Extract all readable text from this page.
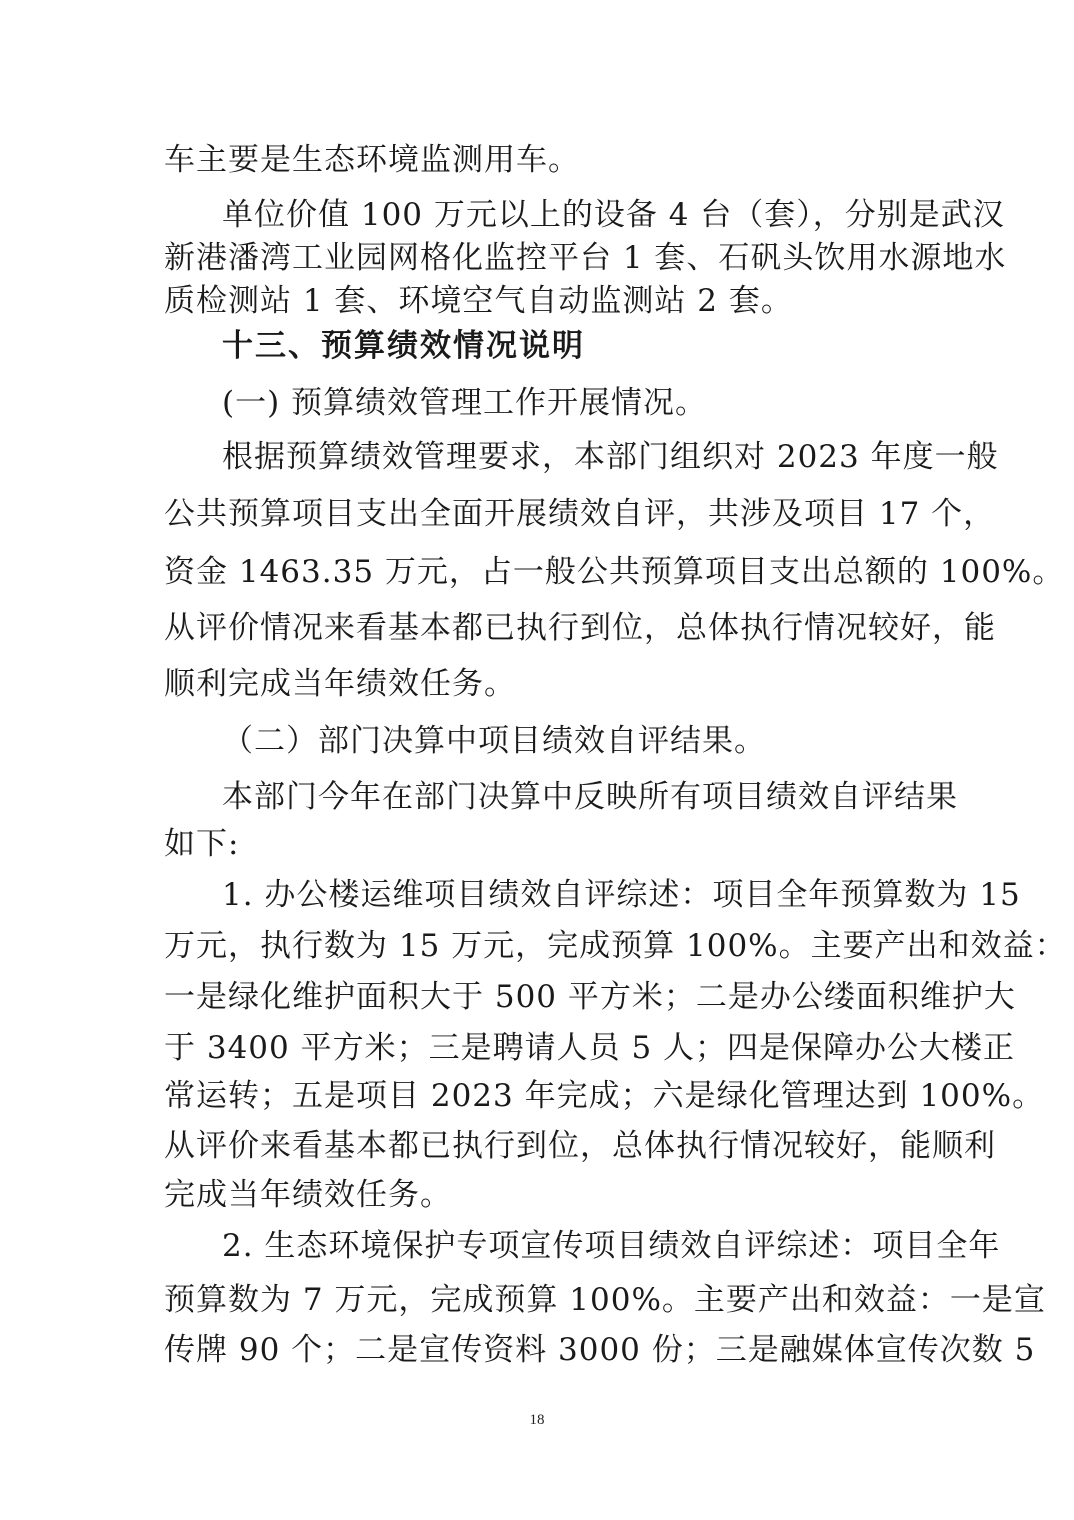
车主要是生态环境监测用车。
单位价值 100 万元以上的设备 4 台（套），分别是武汉
新港潘湾工业园网格化监控平台 1 套、石矾头饮用水源地水
质检测站 1 套、环境空气自动监测站 2 套。
十三、预算绩效情况说明
(一) 预算绩效管理工作开展情况。
根据预算绩效管理要求，本部门组织对 2023 年度一般
公共预算项目支出全面开展绩效自评，共涉及项目 17 个，
资金 1463.35 万元，占一般公共预算项目支出总额的 100%。
从评价情况来看基本都已执行到位，总体执行情况较好，能
顺利完成当年绩效任务。
（二）部门决算中项目绩效自评结果。
本部门今年在部门决算中反映所有项目绩效自评结果
如下:
1. 办公楼运维项目绩效自评综述：项目全年预算数为 15
万元，执行数为 15 万元，完成预算 100%。主要产出和效益：
一是绿化维护面积大于 500 平方米；二是办公缕面积维护大
于 3400 平方米；三是聘请人员 5 人；四是保障办公大楼正
常运转；五是项目 2023 年完成；六是绿化管理达到 100%。
从评价来看基本都已执行到位，总体执行情况较好，能顺利
完成当年绩效任务。
2. 生态环境保护专项宣传项目绩效自评综述：项目全年
预算数为 7 万元，完成预算 100%。主要产出和效益：一是宣
传牌 90 个；二是宣传资料 3000 份；三是融媒体宣传次数 5
18
